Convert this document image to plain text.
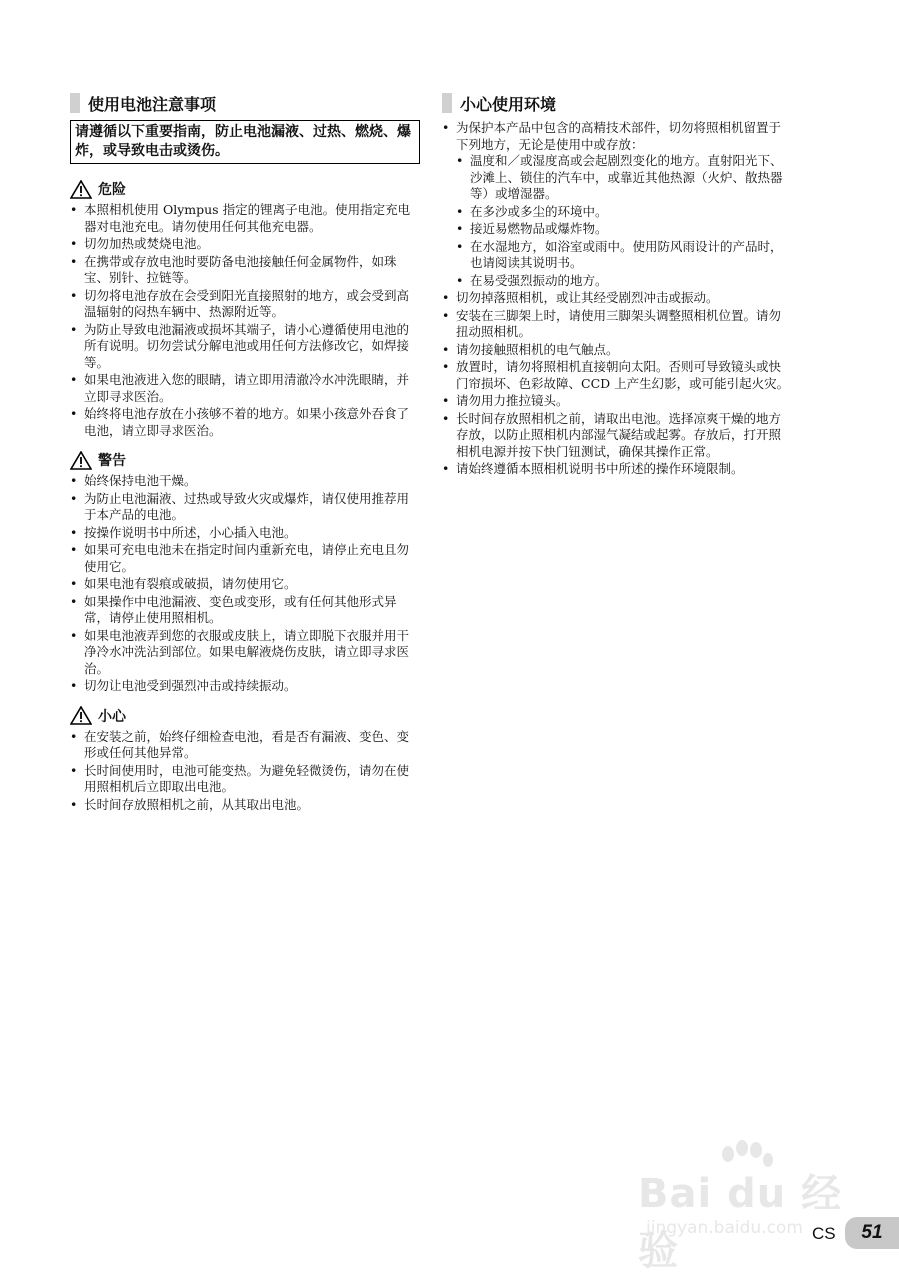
使用电池注意事项
请遵循以下重要指南，防止电池漏液、过热、燃烧、爆炸，或导致电击或烫伤。
危险
• 本照相机使用 Olympus 指定的锂离子电池。使用指定充电器对电池充电。请勿使用任何其他充电器。
• 切勿加热或焚烧电池。
• 在携带或存放电池时要防备电池接触任何金属物件，如珠宝、别针、拉链等。
• 切勿将电池存放在会受到阳光直接照射的地方，或会受到高温辐射的闷热车辆中、热源附近等。
• 为防止导致电池漏液或损坏其端子，请小心遵循使用电池的所有说明。切勿尝试分解电池或用任何方法修改它，如焊接等。
• 如果电池液进入您的眼睛，请立即用清澈冷水冲洗眼睛，并立即寻求医治。
• 始终将电池存放在小孩够不着的地方。如果小孩意外吞食了电池，请立即寻求医治。
警告
• 始终保持电池干燥。
• 为防止电池漏液、过热或导致火灾或爆炸，请仅使用推荐用于本产品的电池。
• 按操作说明书中所述，小心插入电池。
• 如果可充电电池未在指定时间内重新充电，请停止充电且勿使用它。
• 如果电池有裂痕或破损，请勿使用它。
• 如果操作中电池漏液、变色或变形，或有任何其他形式异常，请停止使用照相机。
• 如果电池液弄到您的衣服或皮肤上，请立即脱下衣服并用干净冷水冲洗沾到部位。如果电解液烧伤皮肤，请立即寻求医治。
• 切勿让电池受到强烈冲击或持续振动。
小心
• 在安装之前，始终仔细检查电池，看是否有漏液、变色、变形或任何其他异常。
• 长时间使用时，电池可能变热。为避免轻微烫伤，请勿在使用照相机后立即取出电池。
• 长时间存放照相机之前，从其取出电池。
小心使用环境
• 为保护本产品中包含的高精技术部件，切勿将照相机留置于下列地方，无论是使用中或存放：
• 温度和／或湿度高或会起剧烈变化的地方。直射阳光下、沙滩上、锁住的汽车中，或靠近其他热源（火炉、散热器等）或增湿器。
• 在多沙或多尘的环境中。
• 接近易燃物品或爆炸物。
• 在水湿地方，如浴室或雨中。使用防风雨设计的产品时，也请阅读其说明书。
• 在易受强烈振动的地方。
• 切勿掉落照相机，或让其经受剧烈冲击或振动。
• 安装在三脚架上时，请使用三脚架头调整照相机位置。请勿扭动照相机。
• 请勿接触照相机的电气触点。
• 放置时，请勿将照相机直接朝向太阳。否则可导致镜头或快门帘损坏、色彩故障、CCD 上产生幻影，或可能引起火灾。
• 请勿用力推拉镜头。
• 长时间存放照相机之前，请取出电池。选择凉爽干燥的地方存放，以防止照相机内部湿气凝结或起雾。存放后，打开照相机电源并按下快门钮测试，确保其操作正常。
• 请始终遵循本照相机说明书中所述的操作环境限制。
Bai du 经验
jingyan.baidu.com CS	51
